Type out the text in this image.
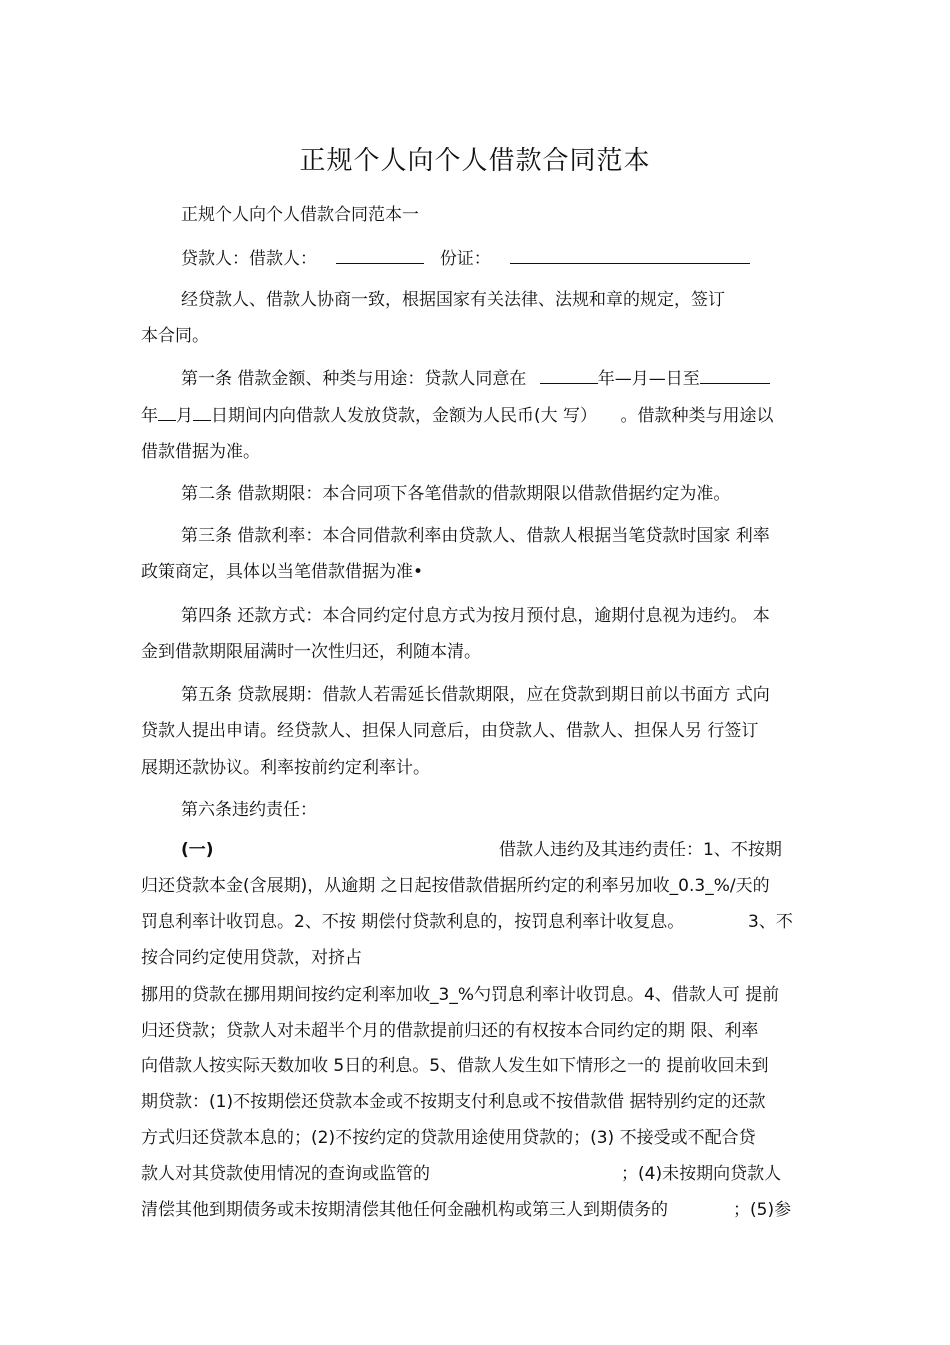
正规个人向个人借款合同范本
正规个人向个人借款合同范本一
贷款人：借款人：	份证：
经贷款人、借款人协商一致，根据国家有关法律、法规和章的规定，签订
本合同。
第一条 借款金额、种类与用途：贷款人同意在	年—月—日至
年 月 日期间内向借款人发放贷款，金额为人民币(大 写） 。借款种类与用途以
借款借据为准。
第二条 借款期限：本合同项下各笔借款的借款期限以借款借据约定为准。
第三条 借款利率：本合同借款利率由贷款人、借款人根据当笔贷款时国家 利率
政策商定，具体以当笔借款借据为准•
第四条 还款方式：本合同约定付息方式为按月预付息，逾期付息视为违约。 本
金到借款期限届满时一次性归还，利随本清。
第五条 贷款展期：借款人若需延长借款期限，应在贷款到期日前以书面方 式向
贷款人提出申请。经贷款人、担保人同意后，由贷款人、借款人、担保人另 行签订
展期还款协议。利率按前约定利率计。
第六条违约责任：
(一)	借款人违约及其违约责任：1、不按期
归还贷款本金(含展期)，从逾期 之日起按借款借据所约定的利率另加收_0.3_%/天的
罚息利率计收罚息。2、不按 期偿付贷款利息的，按罚息利率计收复息。	3、不
按合同约定使用贷款，对挤占
挪用的贷款在挪用期间按约定利率加收_3_%勺罚息利率计收罚息。4、借款人可 提前
归还贷款；贷款人对未超半个月的借款提前归还的有权按本合同约定的期 限、利率
向借款人按实际天数加收 5日的利息。5、借款人发生如下情形之一的 提前收回未到
期贷款：(1)不按期偿还贷款本金或不按期支付利息或不按借款借 据特别约定的还款
方式归还贷款本息的；(2)不按约定的贷款用途使用贷款的；(3) 不接受或不配合贷
款人对其贷款使用情况的查询或监管的	；(4)未按期向贷款人
清偿其他到期债务或未按期清偿其他任何金融机构或第三人到期债务的	；(5)参
